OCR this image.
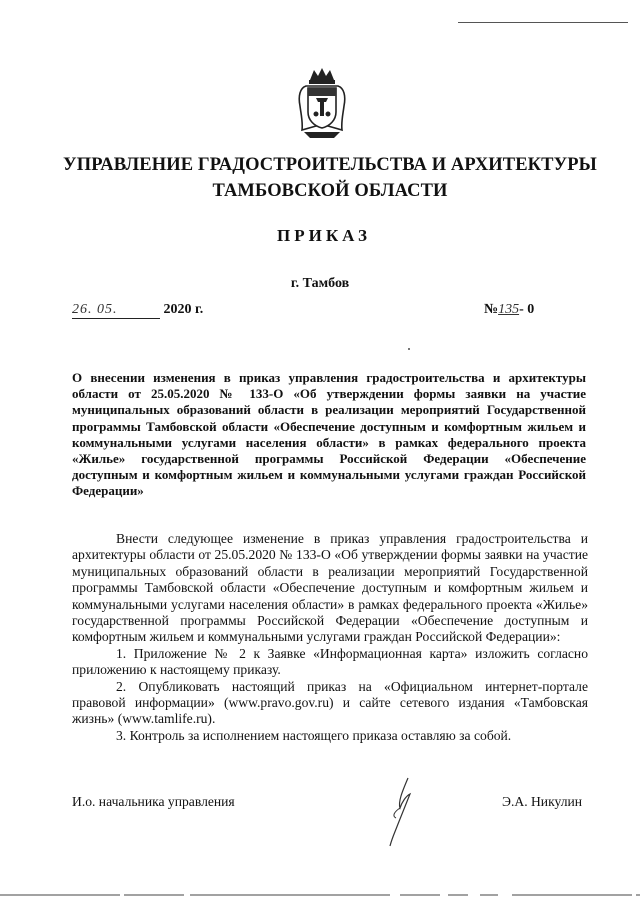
УПРАВЛЕНИЕ ГРАДОСТРОИТЕЛЬСТВА И АРХИТЕКТУРЫ
ТАМБОВСКОЙ ОБЛАСТИ
ПРИКАЗ
г. Тамбов
26. 05.	2020 г.	№135- 0
О внесении изменения в приказ управления градостроительства и архитектуры области от 25.05.2020 № 133-О «Об утверждении формы заявки на участие муниципальных образований области в реализации мероприятий Государственной программы Тамбовской области «Обеспечение доступным и комфортным жильем и коммунальными услугами населения области» в рамках федерального проекта «Жилье» государственной программы Российской Федерации «Обеспечение доступным и комфортным жильем и коммунальными услугами граждан Российской Федерации»

Внести следующее изменение в приказ управления градостроительства и архитектуры области от 25.05.2020 № 133-О «Об утверждении формы заявки на участие муниципальных образований области в реализации мероприятий Государственной программы Тамбовской области «Обеспечение доступным и комфортным жильем и коммунальными услугами населения области» в рамках федерального проекта «Жилье» государственной программы Российской Федерации «Обеспечение доступным и комфортным жильем и коммунальными услугами граждан Российской Федерации»:

1. Приложение № 2 к Заявке «Информационная карта» изложить согласно приложению к настоящему приказу.

2. Опубликовать настоящий приказ на «Официальном интернет-портале правовой информации» (www.pravo.gov.ru) и сайте сетевого издания «Тамбовская жизнь» (www.tamlife.ru).

3. Контроль за исполнением настоящего приказа оставляю за собой.

И.о. начальника управления	Э.А. Никулин
